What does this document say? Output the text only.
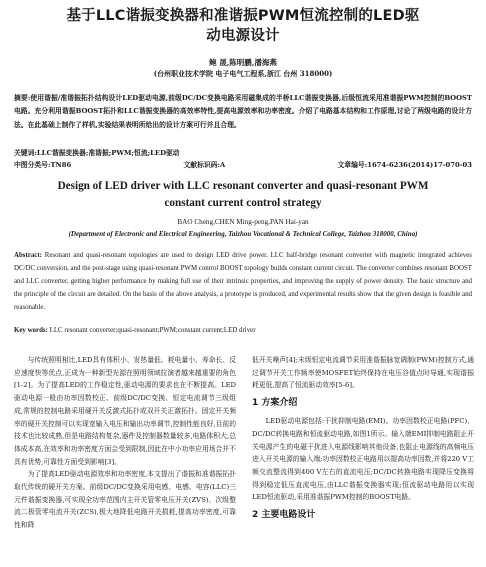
基于LLC谐振变换器和准谐振PWM恒流控制的LED驱
动电源设计
鲍 晟,陈明鹏,潘海燕
(台州职业技术学院 电子电气工程系,浙江 台州 318000)
摘要:使用谐振/准谐振拓扑结构设计LED驱动电源,前级DC/DC变换电路采用磁集成的半桥LLC谐振变换器,后级恒流采用准谐振PWM控制的BOOST电路。充分利用谐振BOOST拓扑和LLC谐振变换器的高效率特性,提高电源效率和功率密度。介绍了电路基本结构和工作原理,讨论了两级电路的设计方法。在此基础上制作了样机,实验结果表明所给出的设计方案可行并且合理。
关键词:LLC谐振变换器;准谐振;PWM;恒流;LED驱动
中图分类号:TN86	文献标识码:A	文章编号:1674-6236(2014)17-070-03
Design of LED driver with LLC resonant converter and quasi-resonant PWM
constant current control strategy
BAO Cheng,CHEN Ming-peng,PAN Hai-yan
(Department of Electronic and Electrical Engineering, Taizhou Vocational & Technical College, Taizhou 318000, China)
Abstract: Resonant and quasi-resonant topologies are used to design LED drive power. LLC half-bridge resonant converter with magnetic integrated achieves DC/DC conversion, and the post-stage using quasi-resonant PWM control BOOST topology builds constant current circuit. The converter combines resonant BOOST and LLC converter, getting higher performance by making full use of their intrinsic properties, and improving the supply of power density. The basic structure and the principle of the circuit are detailed. On the basis of the above analysis, a prototype is produced, and experimental results show that the given design is feasible and reasonable.
Key words: LLC resonant converter;quasi-resonant;PWM;constant current;LED driver

与传统照明相比,LED具有体积小、发热量低、耗电量小、寿命长、反应速度快等优点,正成为一种新型光源在照明领域拉演者越来越重要的角色[1-2]。为了提高LED的工作稳定性,驱动电源的要求也在不断提高。LED驱动电源一般由功率因数校正、前级DC/DC变换、恒定电流调节三级组成,常规的控制电路采用硬开关反激式拓扑或双开关正激拓扑。固定开关频率的硬开关控制可以实现宽输入电压和输出功率调节,控制性能良好,目前的技术也比较成熟,但是电路结构复杂,器件及控制器数量较多,电路体积大,总体成本高,在效率和功率密度方面会受到限制,因此在中小功率应用场合并不具有优势,可靠性方面受到影响[3]。

为了提高LED驱动电源效率和功率密度,本文提出了谐振和准谐振拓扑取代传统的硬开关方案。前级DC/DC变换采用电感、电感、电容(LLC)三元件谐振变换器,可实现全功率范围内主开关管零电压开关(ZVS)、次级整流二极管零电流开关(ZCS),极大地降低电路开关损耗,提高功率密度,可靠性和降

低开关噪声[4];末级恒定电流调节采用准谐振脉宽调制(PWM)控制方式,通过调节开关工作频率使MOSFET始终保持在电压谷值点时导通,实现谐振耗更低,提高了恒流驱动效率[5-6]。

1 方案介绍

LED驱动电源包括:干扰抑制电路(EMI)、功率因数校正电路(PFC)、DC/DC转换电路和恒流驱动电路,如图1所示。输入端EMI抑制电路阻止开关电源产生的电磁干扰进入电源线影响其他设备,也阻止电源线的高频电压进入开关电源的输入端;功率因数校正电路用以提高功率因数,并将220 V工频交流整流得到400 V左右的直流电压;DC/DC转换电路实现降压变换将得到稳定低压直流电压,由LLC谐振变换器实现;恒流驱动电路用以实现LED恒流驱动,采用准谐振PWM控制的BOOST电路。

2 主要电路设计
